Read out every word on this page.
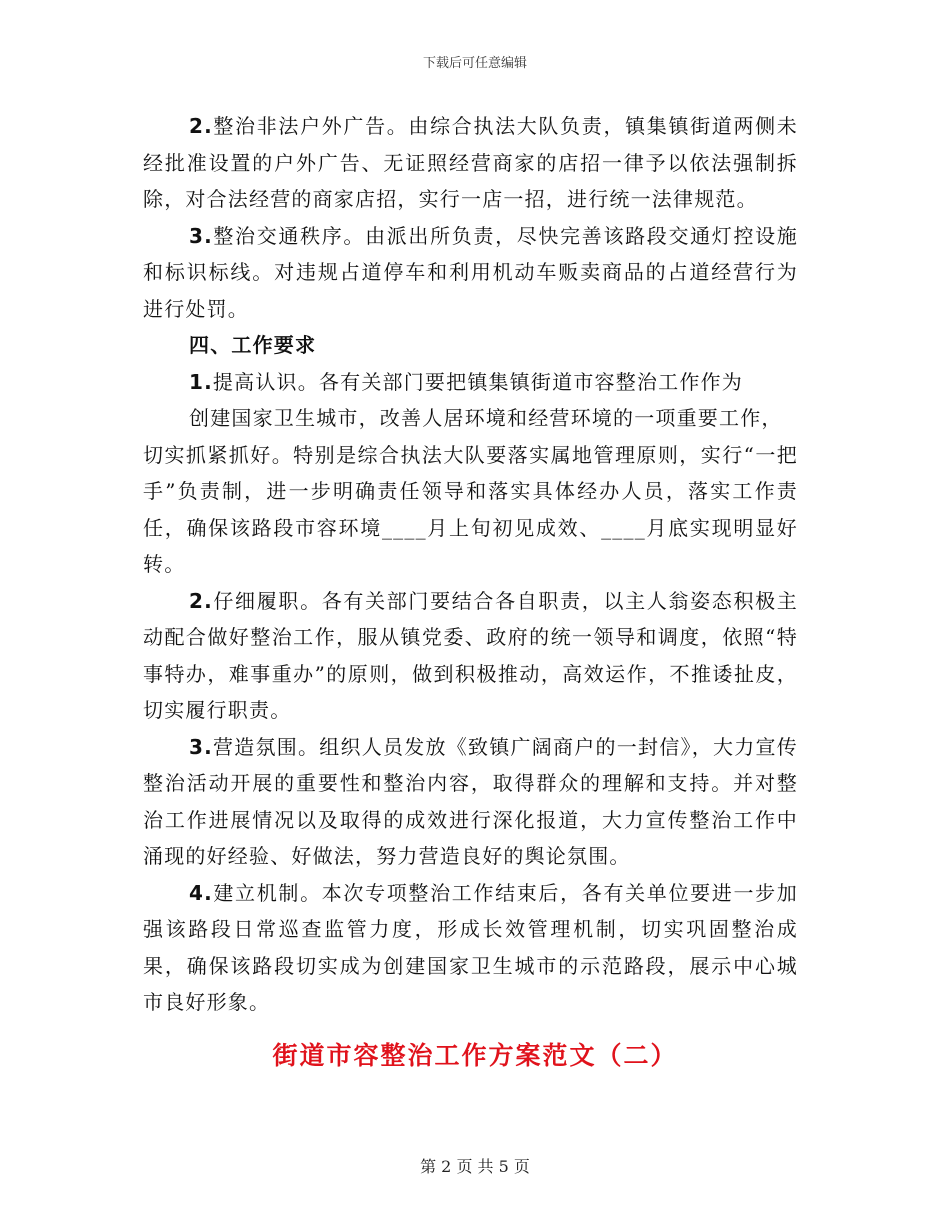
下载后可任意编辑

2.整治非法户外广告。由综合执法大队负责，镇集镇街道两侧未经批准设置的户外广告、无证照经营商家的店招一律予以依法强制拆除，对合法经营的商家店招，实行一店一招，进行统一法律规范。

3.整治交通秩序。由派出所负责，尽快完善该路段交通灯控设施和标识标线。对违规占道停车和利用机动车贩卖商品的占道经营行为进行处罚。

四、工作要求

1.提高认识。各有关部门要把镇集镇街道市容整治工作作为

创建国家卫生城市，改善人居环境和经营环境的一项重要工作，

切实抓紧抓好。特别是综合执法大队要落实属地管理原则，实行“一把手”负责制，进一步明确责任领导和落实具体经办人员，落实工作责任，确保该路段市容环境____月上旬初见成效、____月底实现明显好转。

2.仔细履职。各有关部门要结合各自职责，以主人翁姿态积极主动配合做好整治工作，服从镇党委、政府的统一领导和调度，依照“特事特办，难事重办”的原则，做到积极推动，高效运作，不推诿扯皮，切实履行职责。

3.营造氛围。组织人员发放《致镇广阔商户的一封信》，大力宣传整治活动开展的重要性和整治内容，取得群众的理解和支持。并对整治工作进展情况以及取得的成效进行深化报道，大力宣传整治工作中涌现的好经验、好做法，努力营造良好的舆论氛围。

4.建立机制。本次专项整治工作结束后，各有关单位要进一步加强该路段日常巡查监管力度，形成长效管理机制，切实巩固整治成果，确保该路段切实成为创建国家卫生城市的示范路段，展示中心城市良好形象。

街道市容整治工作方案范文（二）
第 2 页 共 5 页
